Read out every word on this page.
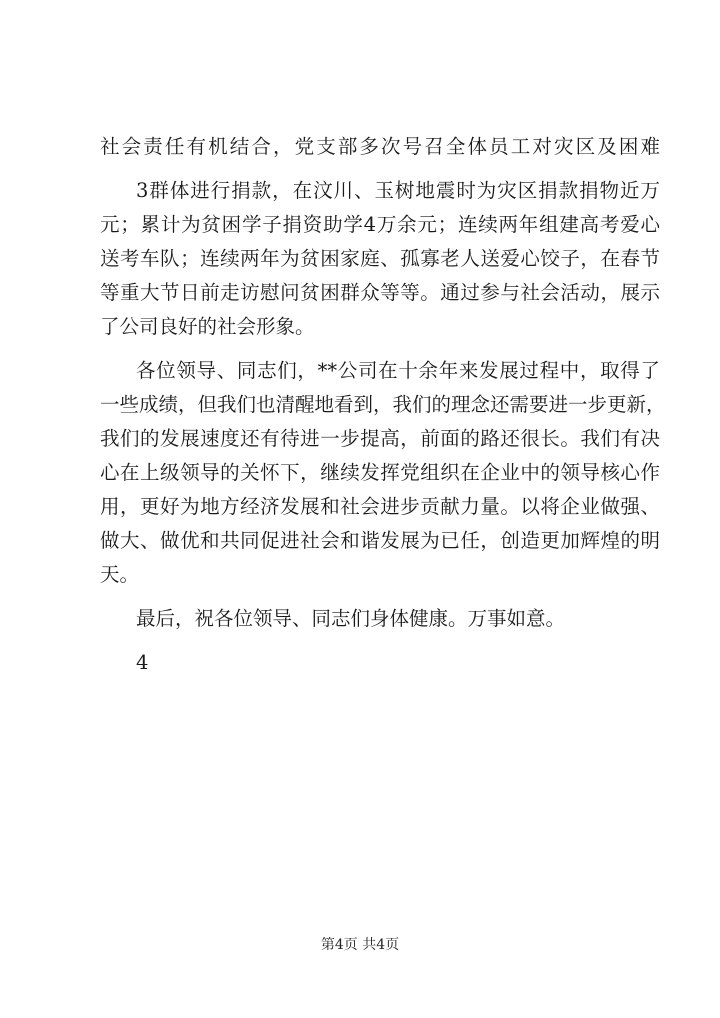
社会责任有机结合，党支部多次号召全体员工对灾区及困难
3群体进行捐款，在汶川、玉树地震时为灾区捐款捐物近万
元；累计为贫困学子捐资助学4万余元；连续两年组建高考爱心
送考车队；连续两年为贫困家庭、孤寡老人送爱心饺子，在春节
等重大节日前走访慰问贫困群众等等。通过参与社会活动，展示
了公司良好的社会形象。
各位领导、同志们，**公司在十余年来发展过程中，取得了
一些成绩，但我们也清醒地看到，我们的理念还需要进一步更新，
我们的发展速度还有待进一步提高，前面的路还很长。我们有决
心在上级领导的关怀下，继续发挥党组织在企业中的领导核心作
用，更好为地方经济发展和社会进步贡献力量。以将企业做强、
做大、做优和共同促进社会和谐发展为已任，创造更加辉煌的明
天。
最后，祝各位领导、同志们身体健康。万事如意。
4
第4页 共4页
